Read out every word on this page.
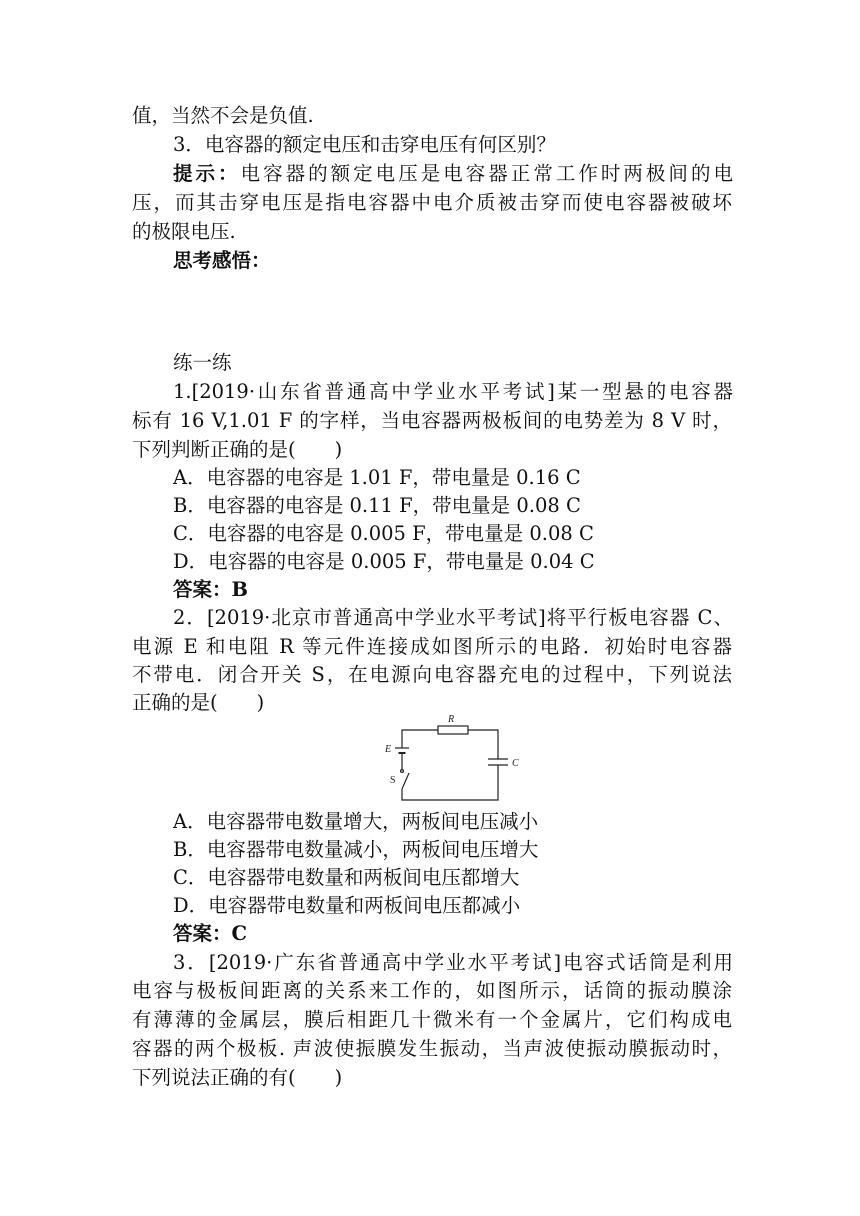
值，当然不会是负值.
3．电容器的额定电压和击穿电压有何区别？
提示：电容器的额定电压是电容器正常工作时两极间的电
压，而其击穿电压是指电容器中电介质被击穿而使电容器被破坏
的极限电压.
思考感悟：
练一练
1.[2019·山东省普通高中学业水平考试]某一型悬的电容器
标有 16 V,1.01 F 的字样，当电容器两极板间的电势差为 8 V 时，
下列判断正确的是(　　)
A．电容器的电容是 1.01 F，带电量是 0.16 C
B．电容器的电容是 0.11 F，带电量是 0.08 C
C．电容器的电容是 0.005 F，带电量是 0.08 C
D．电容器的电容是 0.005 F，带电量是 0.04 C
答案：B
2．[2019·北京市普通高中学业水平考试]将平行板电容器 C、
电源 E 和电阻 R 等元件连接成如图所示的电路．初始时电容器
不带电．闭合开关 S，在电源向电容器充电的过程中，下列说法
正确的是(　　)
R
E
S
C
A．电容器带电数量增大，两板间电压减小
B．电容器带电数量减小，两板间电压增大
C．电容器带电数量和两板间电压都增大
D．电容器带电数量和两板间电压都减小
答案：C
3．[2019·广东省普通高中学业水平考试]电容式话筒是利用
电容与极板间距离的关系来工作的，如图所示，话筒的振动膜涂
有薄薄的金属层，膜后相距几十微米有一个金属片，它们构成电
容器的两个极板. 声波使振膜发生振动，当声波使振动膜振动时，
下列说法正确的有(　　)
